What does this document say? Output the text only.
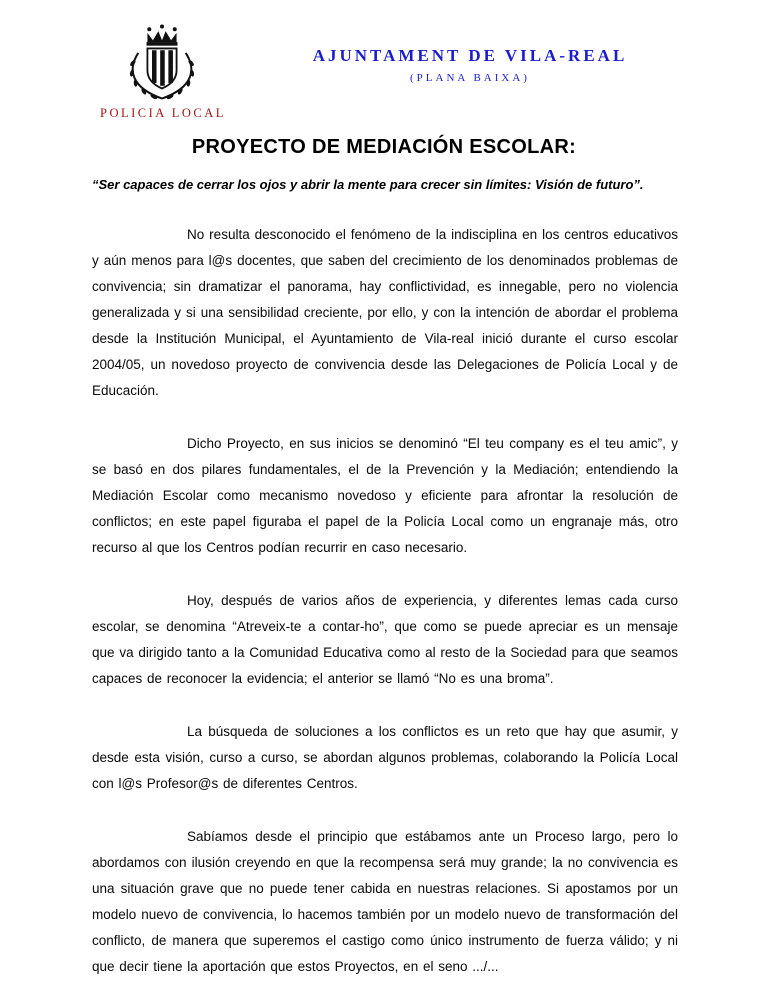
AJUNTAMENT DE VILA-REAL
(PLANA BAIXA)
POLICIA LOCAL
PROYECTO DE MEDIACIÓN ESCOLAR:
“Ser capaces de cerrar los ojos y abrir la mente para crecer sin límites: Visión de futuro”.

No resulta desconocido el fenómeno de la indisciplina en los centros educativos y aún menos para l@s docentes, que saben del crecimiento de los denominados problemas de convivencia; sin dramatizar el panorama, hay conflictividad, es innegable, pero no violencia generalizada y si una sensibilidad creciente, por ello, y con la intención de abordar el problema desde la Institución Municipal, el Ayuntamiento de Vila-real inició durante el curso escolar 2004/05, un novedoso proyecto de convivencia desde las Delegaciones de Policía Local y de Educación.

Dicho Proyecto, en sus inicios se denominó “El teu company es el teu amic”, y se basó en dos pilares fundamentales, el de la Prevención y la Mediación; entendiendo la Mediación Escolar como mecanismo novedoso y eficiente para afrontar la resolución de conflictos; en este papel figuraba el papel de la Policía Local como un engranaje más, otro recurso al que los Centros podían recurrir en caso necesario.

Hoy, después de varios años de experiencia, y diferentes lemas cada curso escolar, se denomina “Atreveix-te a contar-ho”, que como se puede apreciar es un mensaje que va dirigido tanto a la Comunidad Educativa como al resto de la Sociedad para que seamos capaces de reconocer la evidencia; el anterior se llamó “No es una broma”.

La búsqueda de soluciones a los conflictos es un reto que hay que asumir, y desde esta visión, curso a curso, se abordan algunos problemas, colaborando la Policía Local con l@s Profesor@s de diferentes Centros.

Sabíamos desde el principio que estábamos ante un Proceso largo, pero lo abordamos con ilusión creyendo en que la recompensa será muy grande; la no convivencia es una situación grave que no puede tener cabida en nuestras relaciones. Si apostamos por un modelo nuevo de convivencia, lo hacemos también por un modelo nuevo de transformación del conflicto, de manera que superemos el castigo como único instrumento de fuerza válido; y ni que decir tiene la aportación que estos Proyectos, en el seno .../...
